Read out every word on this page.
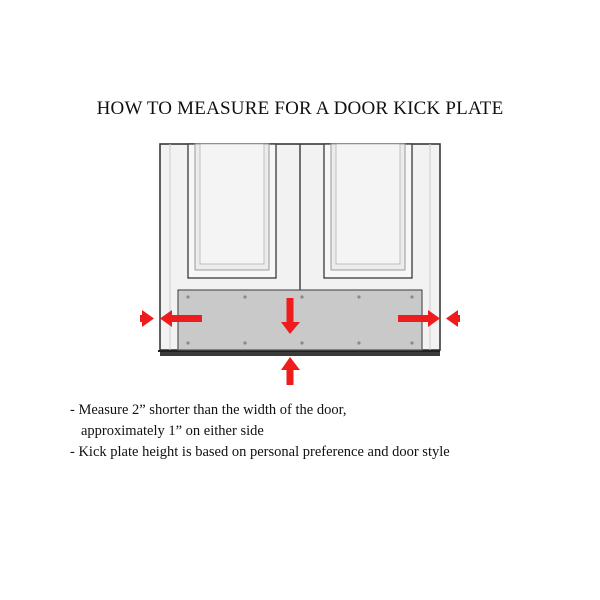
HOW TO MEASURE FOR A DOOR KICK PLATE
- Measure 2” shorter than the width of the door,
approximately 1” on either side
- Kick plate height is based on personal preference and door style
